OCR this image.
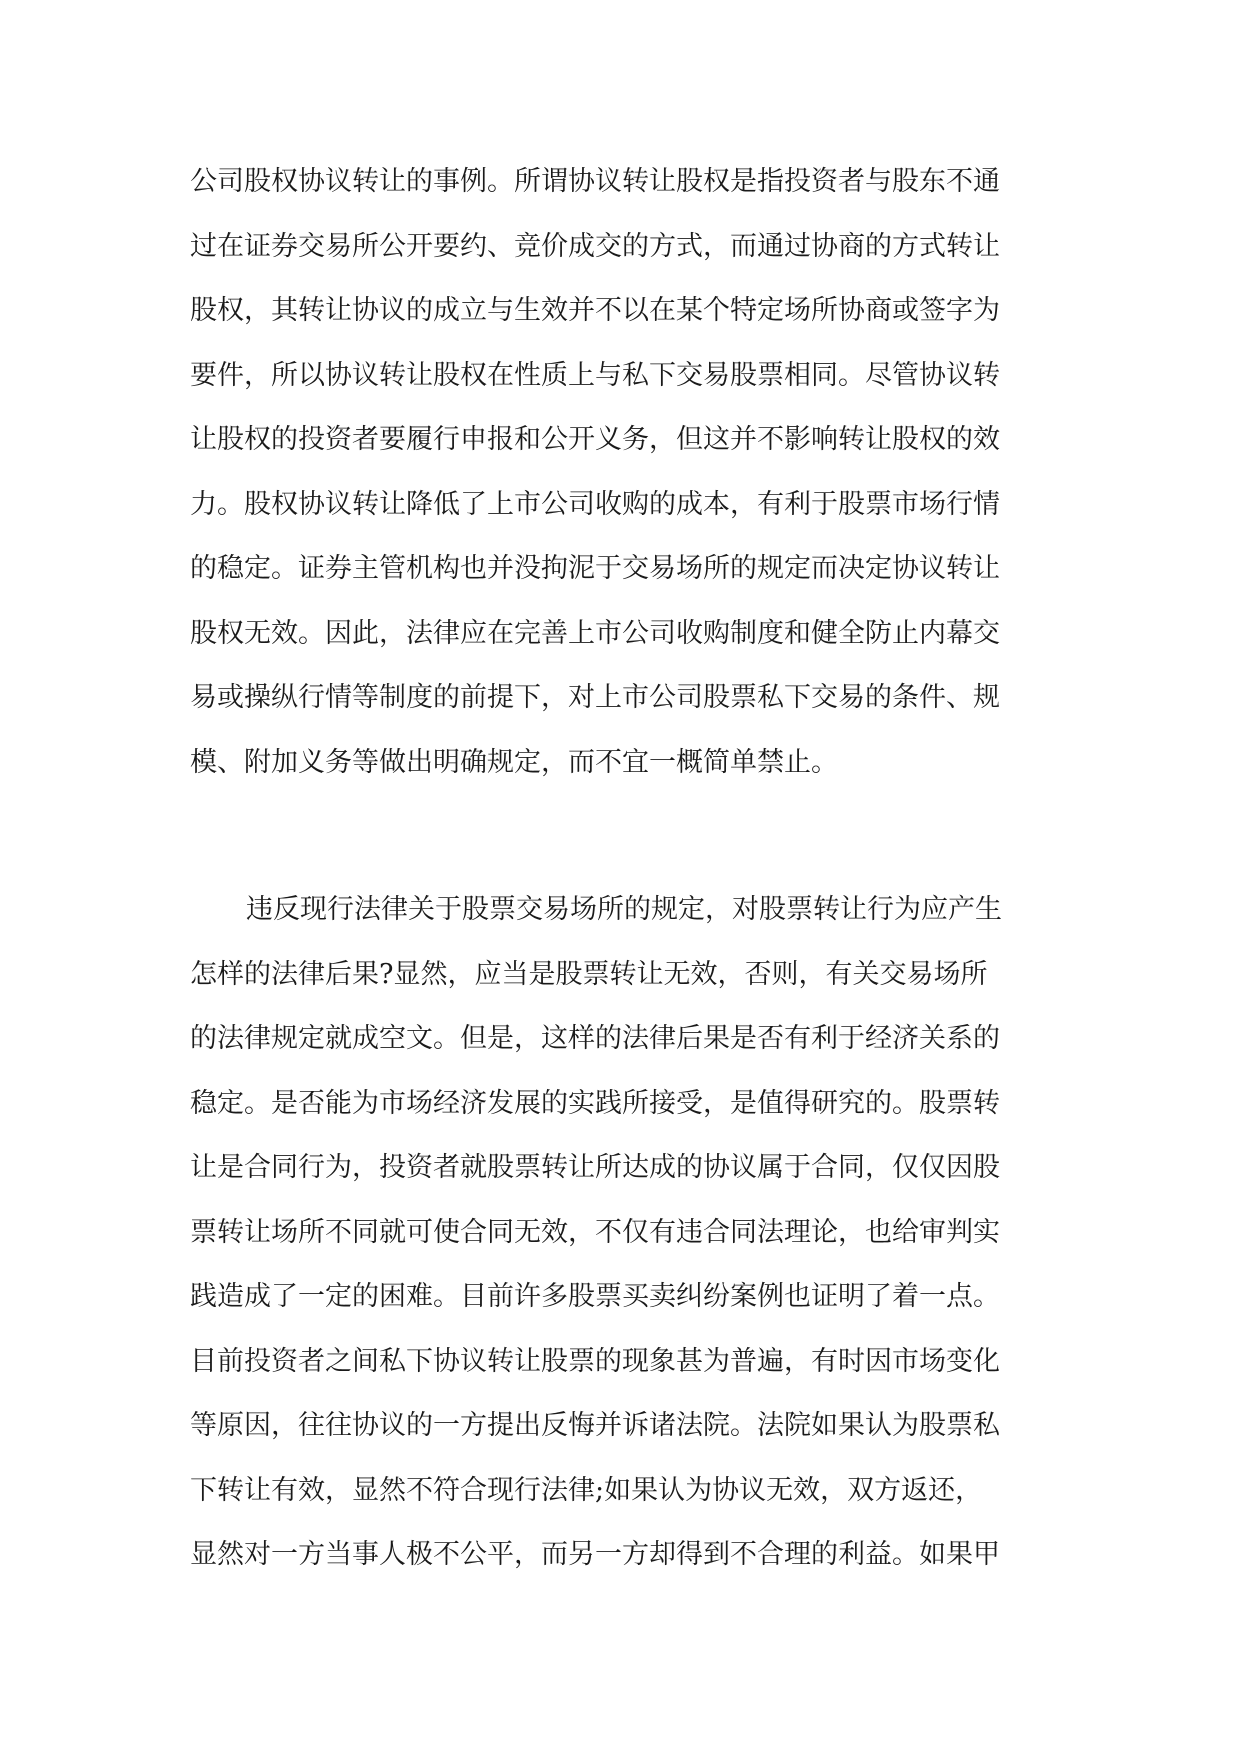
公司股权协议转让的事例。所谓协议转让股权是指投资者与股东不通
过在证券交易所公开要约、竞价成交的方式，而通过协商的方式转让
股权，其转让协议的成立与生效并不以在某个特定场所协商或签字为
要件，所以协议转让股权在性质上与私下交易股票相同。尽管协议转
让股权的投资者要履行申报和公开义务，但这并不影响转让股权的效
力。股权协议转让降低了上市公司收购的成本，有利于股票市场行情
的稳定。证券主管机构也并没拘泥于交易场所的规定而决定协议转让
股权无效。因此，法律应在完善上市公司收购制度和健全防止内幕交
易或操纵行情等制度的前提下，对上市公司股票私下交易的条件、规
模、附加义务等做出明确规定，而不宜一概简单禁止。
违反现行法律关于股票交易场所的规定，对股票转让行为应产生
怎样的法律后果?显然，应当是股票转让无效，否则，有关交易场所
的法律规定就成空文。但是，这样的法律后果是否有利于经济关系的
稳定。是否能为市场经济发展的实践所接受，是值得研究的。股票转
让是合同行为，投资者就股票转让所达成的协议属于合同，仅仅因股
票转让场所不同就可使合同无效，不仅有违合同法理论，也给审判实
践造成了一定的困难。目前许多股票买卖纠纷案例也证明了着一点。
目前投资者之间私下协议转让股票的现象甚为普遍，有时因市场变化
等原因，往往协议的一方提出反悔并诉诸法院。法院如果认为股票私
下转让有效，显然不符合现行法律;如果认为协议无效，双方返还，
显然对一方当事人极不公平，而另一方却得到不合理的利益。如果甲
